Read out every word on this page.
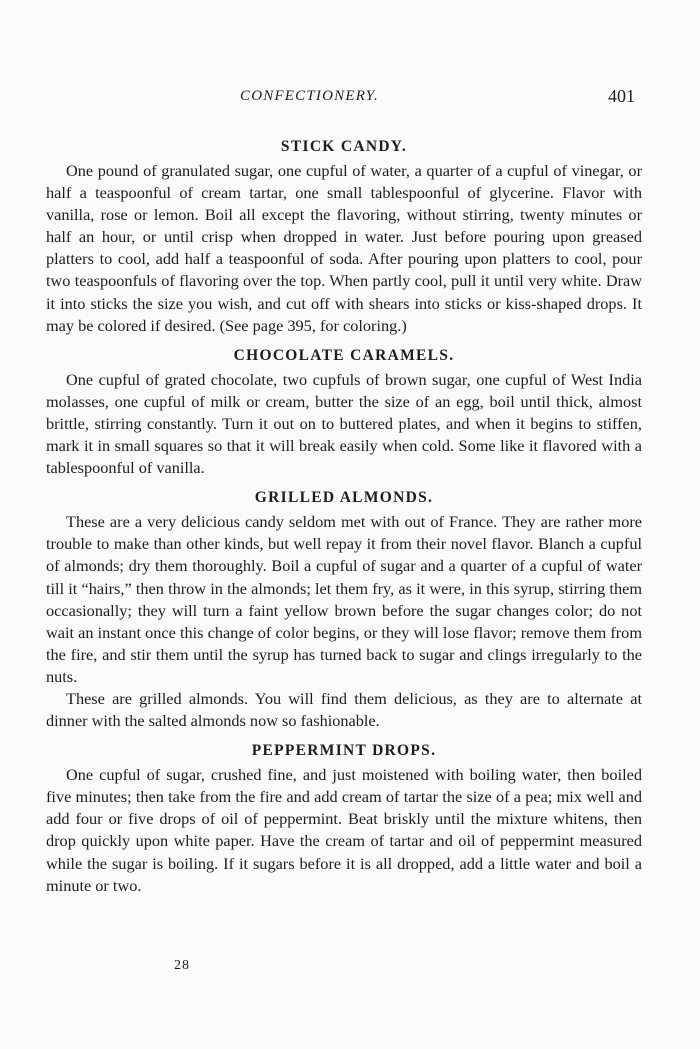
CONFECTIONERY.	401
STICK CANDY.

One pound of granulated sugar, one cupful of water, a quarter of a cupful of vinegar, or half a teaspoonful of cream tartar, one small tablespoonful of glycerine. Flavor with vanilla, rose or lemon. Boil all except the flavoring, without stirring, twenty minutes or half an hour, or until crisp when dropped in water. Just before pouring upon greased platters to cool, add half a teaspoonful of soda. After pouring upon platters to cool, pour two teaspoonfuls of flavoring over the top. When partly cool, pull it until very white. Draw it into sticks the size you wish, and cut off with shears into sticks or kiss-shaped drops. It may be colored if desired. (See page 395, for coloring.)

CHOCOLATE CARAMELS.

One cupful of grated chocolate, two cupfuls of brown sugar, one cupful of West India molasses, one cupful of milk or cream, butter the size of an egg, boil until thick, almost brittle, stirring constantly. Turn it out on to buttered plates, and when it begins to stiffen, mark it in small squares so that it will break easily when cold. Some like it flavored with a tablespoonful of vanilla.

GRILLED ALMONDS.

These are a very delicious candy seldom met with out of France. They are rather more trouble to make than other kinds, but well repay it from their novel flavor. Blanch a cupful of almonds; dry them thoroughly. Boil a cupful of sugar and a quarter of a cupful of water till it “hairs,” then throw in the almonds; let them fry, as it were, in this syrup, stirring them occasionally; they will turn a faint yellow brown before the sugar changes color; do not wait an instant once this change of color begins, or they will lose flavor; remove them from the fire, and stir them until the syrup has turned back to sugar and clings irregularly to the nuts.

These are grilled almonds. You will find them delicious, as they are to alternate at dinner with the salted almonds now so fashionable.

PEPPERMINT DROPS.

One cupful of sugar, crushed fine, and just moistened with boiling water, then boiled five minutes; then take from the fire and add cream of tartar the size of a pea; mix well and add four or five drops of oil of peppermint. Beat briskly until the mixture whitens, then drop quickly upon white paper. Have the cream of tartar and oil of peppermint measured while the sugar is boiling. If it sugars before it is all dropped, add a little water and boil a minute or two.

28
